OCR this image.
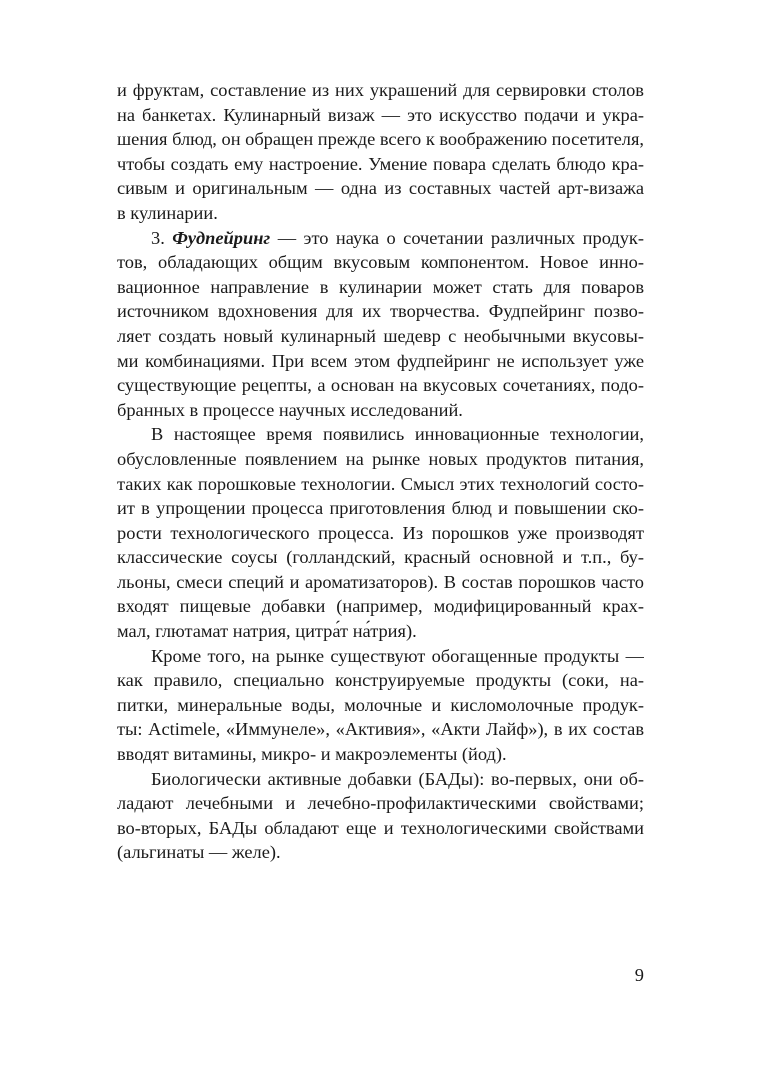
и фруктам, составление из них украшений для сервировки столов
на банкетах. Кулинарный визаж — это искусство подачи и укра-
шения блюд, он обращен прежде всего к воображению посетителя,
чтобы создать ему настроение. Умение повара сделать блюдо кра-
сивым и оригинальным — одна из составных частей арт-визажа
в кулинарии.
3. Фудпейринг — это наука о сочетании различных продук-
тов, обладающих общим вкусовым компонентом. Новое инно-
вационное направление в кулинарии может стать для поваров
источником вдохновения для их творчества. Фудпейринг позво-
ляет создать новый кулинарный шедевр с необычными вкусовы-
ми комбинациями. При всем этом фудпейринг не использует уже
существующие рецепты, а основан на вкусовых сочетаниях, подо-
бранных в процессе научных исследований.
В настоящее время появились инновационные технологии,
обусловленные появлением на рынке новых продуктов питания,
таких как порошковые технологии. Смысл этих технологий состо-
ит в упрощении процесса приготовления блюд и повышении ско-
рости технологического процесса. Из порошков уже производят
классические соусы (голландский, красный основной и т.п., бу-
льоны, смеси специй и ароматизаторов). В состав порошков часто
входят пищевые добавки (например, модифицированный крах-
мал, глютамат натрия, цитра́т на́трия).
Кроме того, на рынке существуют обогащенные продукты —
как правило, специально конструируемые продукты (соки, на-
питки, минеральные воды, молочные и кисломолочные продук-
ты: Actimele, «Иммунеле», «Активия», «Акти Лайф»), в их состав
вводят витамины, микро- и макроэлементы (йод).
Биологически активные добавки (БАДы): во-первых, они об-
ладают лечебными и лечебно-профилактическими свойствами;
во-вторых, БАДы обладают еще и технологическими свойствами
(альгинаты — желе).
9
